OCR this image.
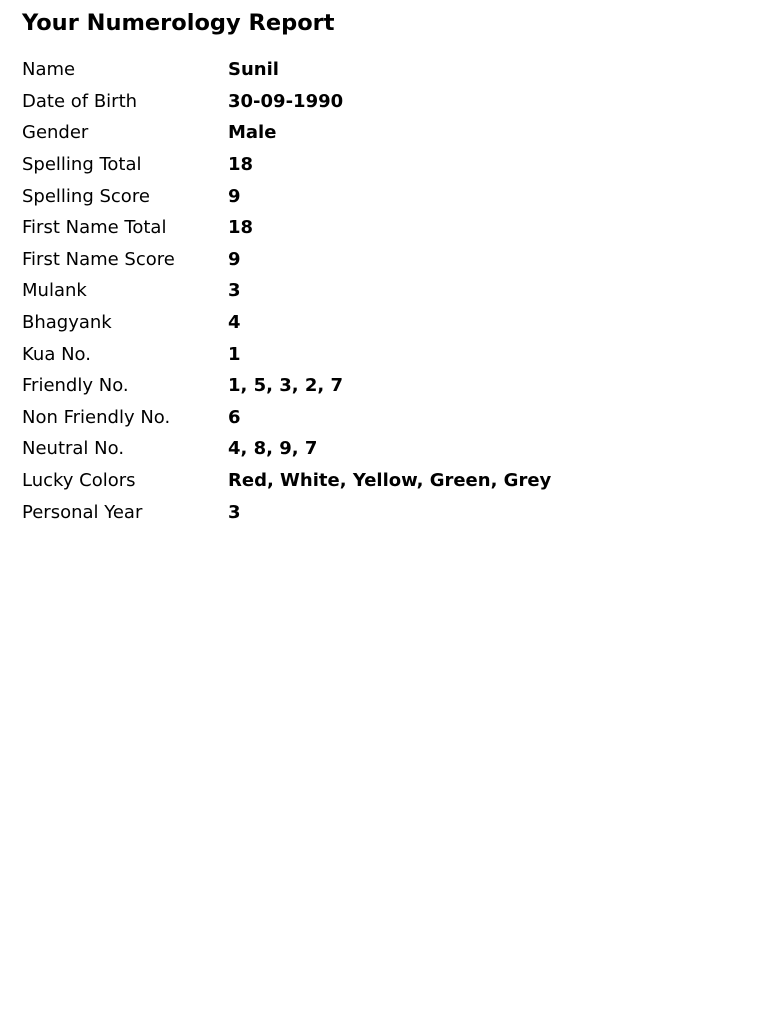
Your Numerology Report
Name	Sunil
Date of Birth	30-09-1990
Gender	Male
Spelling Total	18
Spelling Score	9
First Name Total	18
First Name Score	9
Mulank	3
Bhagyank	4
Kua No.	1
Friendly No.	1, 5, 3, 2, 7
Non Friendly No.	6
Neutral No.	4, 8, 9, 7
Lucky Colors	Red, White, Yellow, Green, Grey
Personal Year	3
